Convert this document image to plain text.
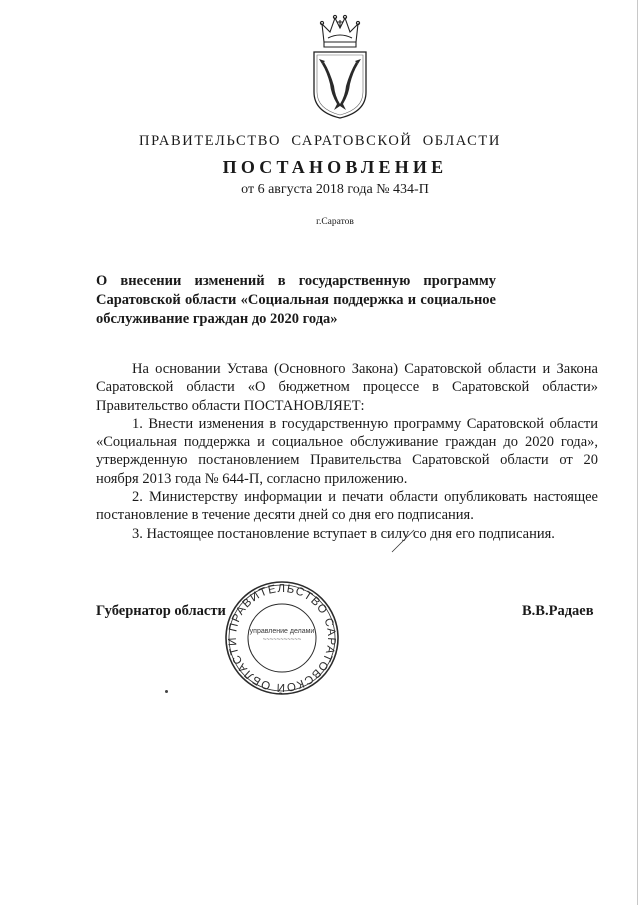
ПРАВИТЕЛЬСТВО САРАТОВСКОЙ ОБЛАСТИ
ПОСТАНОВЛЕНИЕ
от 6 августа 2018 года № 434-П
г.Саратов
О внесении изменений в государственную программу Саратовской области «Социальная поддержка и социальное обслуживание граждан до 2020 года»

На основании Устава (Основного Закона) Саратовской области и Закона Саратовской области «О бюджетном процессе в Саратовской области» Правительство области ПОСТАНОВЛЯЕТ:

1. Внести изменения в государственную программу Саратовской области «Социальная поддержка и социальное обслуживание граждан до 2020 года», утвержденную постановлением Правительства Саратовской области от 20 ноября 2013 года № 644-П, согласно приложению.

2. Министерству информации и печати области опубликовать настоящее постановление в течение десяти дней со дня его подписания.

3. Настоящее постановление вступает в силу со дня его подписания.

Губернатор области	В.В.Радаев
ПРАВИТЕЛЬСТВО САРАТОВСКОЙ ОБЛАСТИ
управление делами
~~~~~~~~~~~
